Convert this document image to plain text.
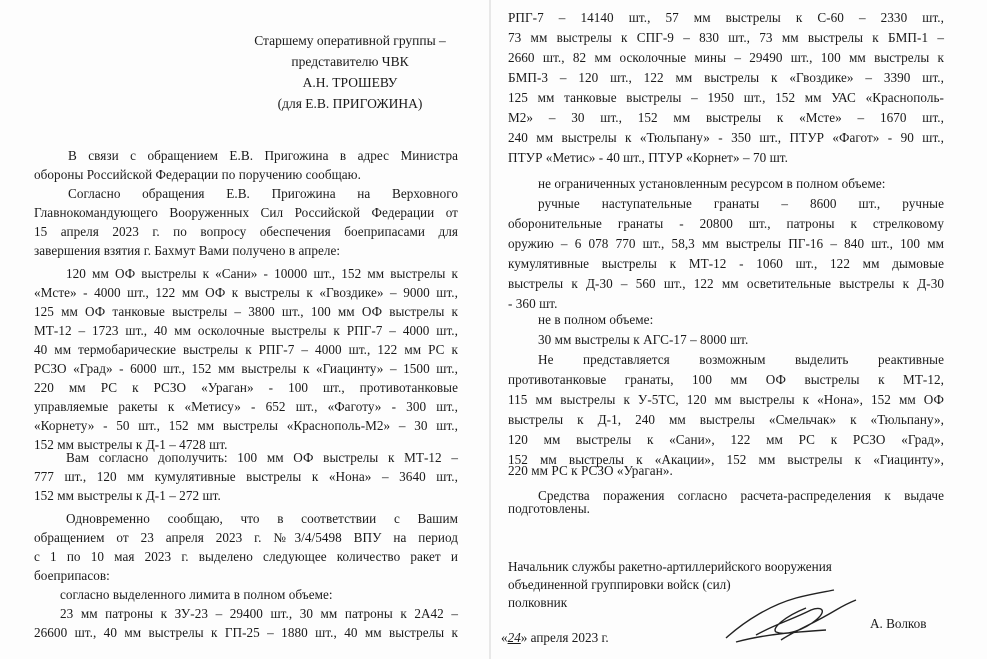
Старшему оперативной группы –
представителю ЧВК
А.Н. ТРОШЕВУ
(для Е.В. ПРИГОЖИНА)
В связи с обращением Е.В. Пригожина в адрес Министра
обороны Российской Федерации по поручению сообщаю.
Согласно обращения Е.В. Пригожина на Верховного
Главнокомандующего Вооруженных Сил Российской Федерации от
15 апреля 2023 г. по вопросу обеспечения боеприпасами для
завершения взятия г. Бахмут Вами получено в апреле:
120 мм ОФ выстрелы к «Сани» - 10000 шт., 152 мм выстрелы к
«Мсте» - 4000 шт., 122 мм ОФ к выстрелы к «Гвоздике» – 9000 шт.,
125 мм ОФ танковые выстрелы – 3800 шт., 100 мм ОФ выстрелы к
МТ-12 – 1723 шт., 40 мм осколочные выстрелы к РПГ-7 – 4000 шт.,
40 мм термобарические выстрелы к РПГ-7 – 4000 шт., 122 мм РС к
РСЗО «Град» - 6000 шт., 152 мм выстрелы к «Гиацинту» – 1500 шт.,
220 мм РС к РСЗО «Ураган» - 100 шт., противотанковые
управляемые ракеты к «Метису» - 652 шт., «Фаготу» - 300 шт.,
«Корнету» - 50 шт., 152 мм выстрелы «Краснополь-М2» – 30 шт.,
152 мм выстрелы к Д-1 – 4728 шт.
Вам согласно дополучить: 100 мм ОФ выстрелы к МТ-12 –
777 шт., 120 мм кумулятивные выстрелы к «Нона» – 3640 шт.,
152 мм выстрелы к Д-1 – 272 шт.
Одновременно сообщаю, что в соответствии с Вашим
обращением от 23 апреля 2023 г. №3/4/5498 ВПУ на период
с 1 по 10 мая 2023 г. выделено следующее количество ракет и
боеприпасов:
согласно выделенного лимита в полном объеме:
23 мм патроны к ЗУ-23 – 29400 шт., 30 мм патроны к 2А42 –
26600 шт., 40 мм выстрелы к ГП-25 – 1880 шт., 40 мм выстрелы к
РПГ-7 – 14140 шт., 57 мм выстрелы к С-60 – 2330 шт.,
73 мм выстрелы к СПГ-9 – 830 шт., 73 мм выстрелы к БМП-1 –
2660 шт., 82 мм осколочные мины – 29490 шт., 100 мм выстрелы к
БМП-3 – 120 шт., 122 мм выстрелы к «Гвоздике» – 3390 шт.,
125 мм танковые выстрелы – 1950 шт., 152 мм УАС «Краснополь-
М2» – 30 шт., 152 мм выстрелы к «Мсте» – 1670 шт.,
240 мм выстрелы к «Тюльпану» - 350 шт., ПТУР «Фагот» - 90 шт.,
ПТУР «Метис» - 40 шт., ПТУР «Корнет» – 70 шт.
не ограниченных установленным ресурсом в полном объеме:
ручные наступательные гранаты – 8600 шт., ручные
оборонительные гранаты - 20800 шт., патроны к стрелковому
оружию – 6 078 770 шт., 58,3 мм выстрелы ПГ-16 – 840 шт., 100 мм
кумулятивные выстрелы к МТ-12 - 1060 шт., 122 мм дымовые
выстрелы к Д-30 – 560 шт., 122 мм осветительные выстрелы к Д-30
- 360 шт.
не в полном объеме:
30 мм выстрелы к АГС-17 – 8000 шт.
Не представляется возможным выделить реактивные
противотанковые гранаты, 100 мм ОФ выстрелы к МТ-12,
115 мм выстрелы к У-5ТС, 120 мм выстрелы к «Нона», 152 мм ОФ
выстрелы к Д-1, 240 мм выстрелы «Смельчак» к «Тюльпану»,
120 мм выстрелы к «Сани», 122 мм РС к РСЗО «Град»,
152 мм выстрелы к «Акации», 152 мм выстрелы к «Гиацинту»,
220 мм РС к РСЗО «Ураган».
Средства поражения согласно расчета-распределения к выдаче
подготовлены.
Начальник службы ракетно-артиллерийского вооружения
объединенной группировки войск (сил)
полковник
«24» апреля 2023 г.
А. Волков
